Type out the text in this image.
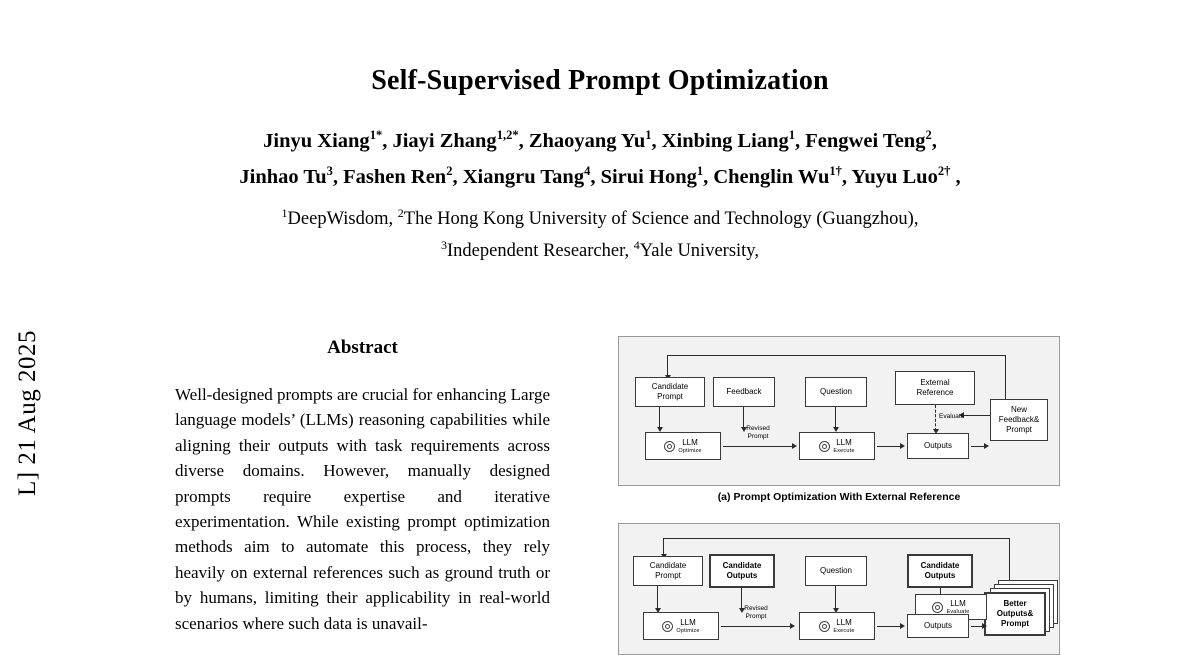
L] 21 Aug 2025
Self-Supervised Prompt Optimization
Jinyu Xiang$^{1*}$, Jiayi Zhang$^{1,2*}$, Zhaoyang Yu$^1$, Xinbing Liang$^1$, Fengwei Teng$^2$,
Jinhao Tu$^3$, Fashen Ren$^2$, Xiangru Tang$^4$, Sirui Hong$^1$, Chenglin $Wu^{1\dagger}$, Yuyu Luo$^{2\dagger}$ ,
$^1$DeepWisdom, $^2$The Hong Kong University of Science and Technology (Guangzhou),
$^3$Independent Researcher, $^4$Yale University,
Abstract
Well-designed prompts are crucial for enhancing Large language models’ (LLMs) reasoning capabilities while aligning their outputs with task requirements across diverse domains. However, manually designed prompts require expertise and iterative experimentation. While existing prompt optimization methods aim to automate this process, they rely heavily on external references such as ground truth or by humans, limiting their applicability in real-world scenarios where such data is unavail-
Candidate
Prompt
Feedback	Question
External
Reference
New
Feedback&
Prompt
LLM
Optimize
LLM
Execute
Outputs
Revised
Prompt
Evaluate
(a) Prompt Optimization With External Reference
Candidate
Prompt
Candidate
Outputs
Question
Candidate
Outputs
Better
Outputs&
Prompt
LLM
Evaluate
LLM
Optimize
LLM
Execute
Outputs
Revised
Prompt
